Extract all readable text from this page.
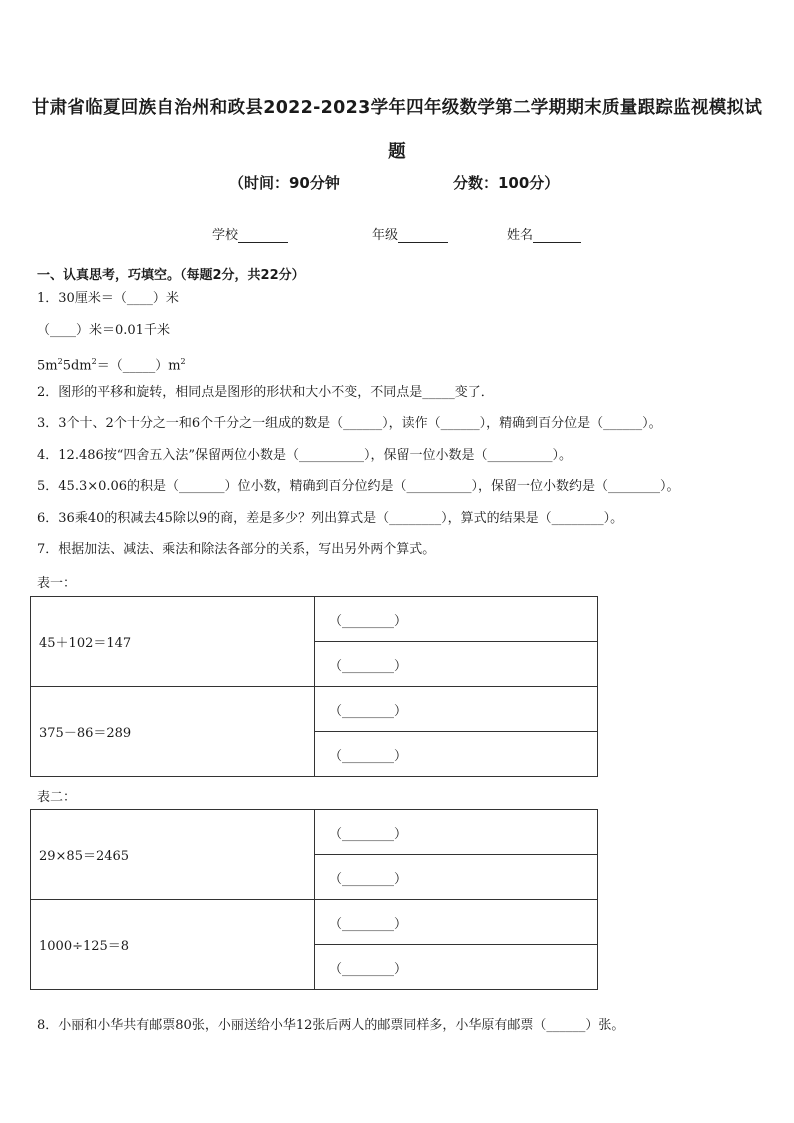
甘肃省临夏回族自治州和政县2022-2023学年四年级数学第二学期期末质量跟踪监视模拟试题
（时间：90分钟	分数：100分）
学校	年级	姓名
一、认真思考，巧填空。（每题2分，共22分）
1．30厘米＝（____）米
（____）米＝0.01千米
$5m^25dm^2=(\_\_\_\_\_)m^2$
2．图形的平移和旋转，相同点是图形的形状和大小不变，不同点是_____变了．
3．3个十、2个十分之一和6个千分之一组成的数是（______），读作（______），精确到百分位是（______）。
4．12.486按“四舍五入法”保留两位小数是（__________），保留一位小数是（__________）。
5．45.3×0.06的积是（_______）位小数，精确到百分位约是（__________），保留一位小数约是（________）。
6．36乘40的积减去45除以9的商，差是多少？列出算式是（________），算式的结果是（________）。
7．根据加法、减法、乘法和除法各部分的关系，写出另外两个算式。
表一：
45＋102＝147	（________）
	（________）
375－86＝289	（________）
	（________）
表二：
29×85＝2465	（________）
	（________）
1000÷125＝8	（________）
	（________）
8．小丽和小华共有邮票80张，小丽送给小华12张后两人的邮票同样多，小华原有邮票（______）张。
